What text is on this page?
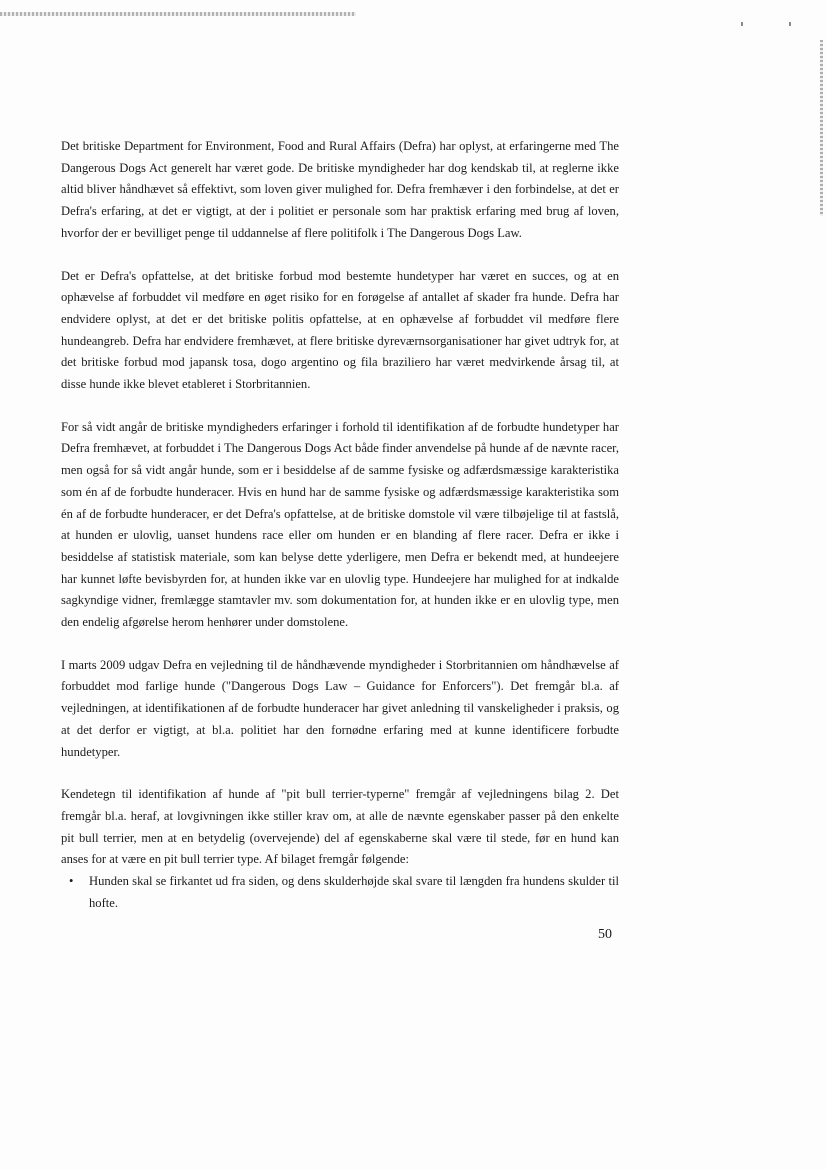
Det britiske Department for Environment, Food and Rural Affairs (Defra) har oplyst, at erfaringerne med The Dangerous Dogs Act generelt har været gode. De britiske myndigheder har dog kendskab til, at reglerne ikke altid bliver håndhævet så effektivt, som loven giver mulighed for. Defra fremhæver i den forbindelse, at det er Defra's erfaring, at det er vigtigt, at der i politiet er personale som har praktisk erfaring med brug af loven, hvorfor der er bevilliget penge til uddannelse af flere politifolk i The Dangerous Dogs Law.

Det er Defra's opfattelse, at det britiske forbud mod bestemte hundetyper har været en succes, og at en ophævelse af forbuddet vil medføre en øget risiko for en forøgelse af antallet af skader fra hunde. Defra har endvidere oplyst, at det er det britiske politis opfattelse, at en ophævelse af forbuddet vil medføre flere hundeangreb. Defra har endvidere fremhævet, at flere britiske dyreværnsorganisationer har givet udtryk for, at det britiske forbud mod japansk tosa, dogo argentino og fila braziliero har været medvirkende årsag til, at disse hunde ikke blevet etableret i Storbritannien.

For så vidt angår de britiske myndigheders erfaringer i forhold til identifikation af de forbudte hundetyper har Defra fremhævet, at forbuddet i The Dangerous Dogs Act både finder anvendelse på hunde af de nævnte racer, men også for så vidt angår hunde, som er i besiddelse af de samme fysiske og adfærdsmæssige karakteristika som én af de forbudte hunderacer. Hvis en hund har de samme fysiske og adfærdsmæssige karakteristika som én af de forbudte hunderacer, er det Defra's opfattelse, at de britiske domstole vil være tilbøjelige til at fastslå, at hunden er ulovlig, uanset hundens race eller om hunden er en blanding af flere racer. Defra er ikke i besiddelse af statistisk materiale, som kan belyse dette yderligere, men Defra er bekendt med, at hundeejere har kunnet løfte bevisbyrden for, at hunden ikke var en ulovlig type. Hundeejere har mulighed for at indkalde sagkyndige vidner, fremlægge stamtavler mv. som dokumentation for, at hunden ikke er en ulovlig type, men den endelig afgørelse herom henhører under domstolene.

I marts 2009 udgav Defra en vejledning til de håndhævende myndigheder i Storbritannien om håndhævelse af forbuddet mod farlige hunde ("Dangerous Dogs Law – Guidance for Enforcers"). Det fremgår bl.a. af vejledningen, at identifikationen af de forbudte hunderacer har givet anledning til vanskeligheder i praksis, og at det derfor er vigtigt, at bl.a. politiet har den fornødne erfaring med at kunne identificere forbudte hundetyper.

Kendetegn til identifikation af hunde af "pit bull terrier-typerne" fremgår af vejledningens bilag 2. Det fremgår bl.a. heraf, at lovgivningen ikke stiller krav om, at alle de nævnte egenskaber passer på den enkelte pit bull terrier, men at en betydelig (overvejende) del af egenskaberne skal være til stede, før en hund kan anses for at være en pit bull terrier type. Af bilaget fremgår følgende:

• Hunden skal se firkantet ud fra siden, og dens skulderhøjde skal svare til længden fra hundens skulder til hofte.
50
